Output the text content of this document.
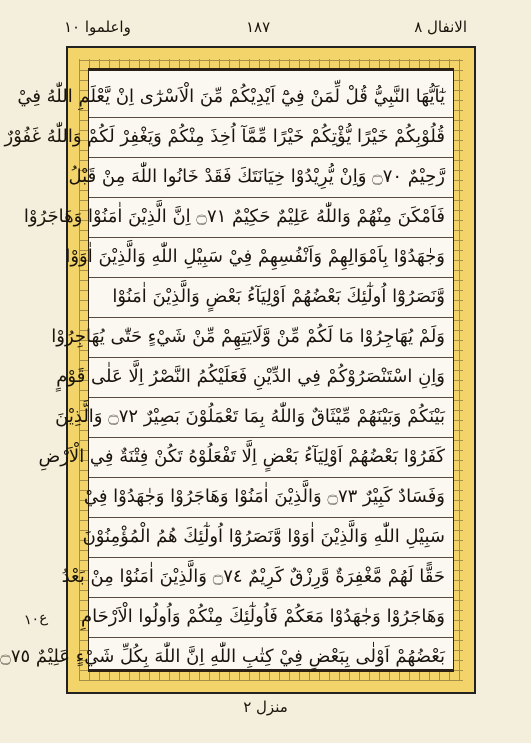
واعلموا ١٠	١٨٧	الانفال ٨
يٰٓاَيُّهَا النَّبِيُّ قُلْ لِّمَنْ فِيْٓ اَيْدِيْكُمْ مِّنَ الْاَسْرٰٓى اِنْ يَّعْلَمِ اللّٰهُ فِيْ
قُلُوْبِكُمْ خَيْرًا يُّؤْتِكُمْ خَيْرًا مِّمَّآ اُخِذَ مِنْكُمْ وَيَغْفِرْ لَكُمْ وَاللّٰهُ غَفُوْرٌ
رَّحِيْمٌ ۝٧٠ وَاِنْ يُّرِيْدُوْا خِيَانَتَكَ فَقَدْ خَانُوا اللّٰهَ مِنْ قَبْلُ
فَاَمْكَنَ مِنْهُمْ وَاللّٰهُ عَلِيْمٌ حَكِيْمٌ ۝٧١ اِنَّ الَّذِيْنَ اٰمَنُوْا وَهَاجَرُوْا
وَجٰهَدُوْا بِاَمْوَالِهِمْ وَاَنْفُسِهِمْ فِيْ سَبِيْلِ اللّٰهِ وَالَّذِيْنَ اٰوَوْا
وَّنَصَرُوْٓا اُولٰٓئِكَ بَعْضُهُمْ اَوْلِيَآءُ بَعْضٍ وَالَّذِيْنَ اٰمَنُوْا
وَلَمْ يُهَاجِرُوْا مَا لَكُمْ مِّنْ وَّلَايَتِهِمْ مِّنْ شَيْءٍ حَتّٰى يُهَاجِرُوْا
وَاِنِ اسْتَنْصَرُوْكُمْ فِي الدِّيْنِ فَعَلَيْكُمُ النَّصْرُ اِلَّا عَلٰى قَوْمٍ
بَيْنَكُمْ وَبَيْنَهُمْ مِّيْثَاقٌ وَاللّٰهُ بِمَا تَعْمَلُوْنَ بَصِيْرٌ ۝٧٢ وَالَّذِيْنَ
كَفَرُوْا بَعْضُهُمْ اَوْلِيَآءُ بَعْضٍ اِلَّا تَفْعَلُوْهُ تَكُنْ فِتْنَةٌ فِي الْاَرْضِ
وَفَسَادٌ كَبِيْرٌ ۝٧٣ وَالَّذِيْنَ اٰمَنُوْا وَهَاجَرُوْا وَجٰهَدُوْا فِيْ
سَبِيْلِ اللّٰهِ وَالَّذِيْنَ اٰوَوْا وَّنَصَرُوْٓا اُولٰٓئِكَ هُمُ الْمُؤْمِنُوْنَ
حَقًّا لَهُمْ مَّغْفِرَةٌ وَّرِزْقٌ كَرِيْمٌ ۝٧٤ وَالَّذِيْنَ اٰمَنُوْا مِنْ بَعْدُ
وَهَاجَرُوْا وَجٰهَدُوْا مَعَكُمْ فَاُولٰٓئِكَ مِنْكُمْ وَاُولُوا الْاَرْحَامِ
بَعْضُهُمْ اَوْلٰى بِبَعْضٍ فِيْ كِتٰبِ اللّٰهِ اِنَّ اللّٰهَ بِكُلِّ شَيْءٍ عَلِيْمٌ ۝٧٥
ع١٠
منزل ٢
